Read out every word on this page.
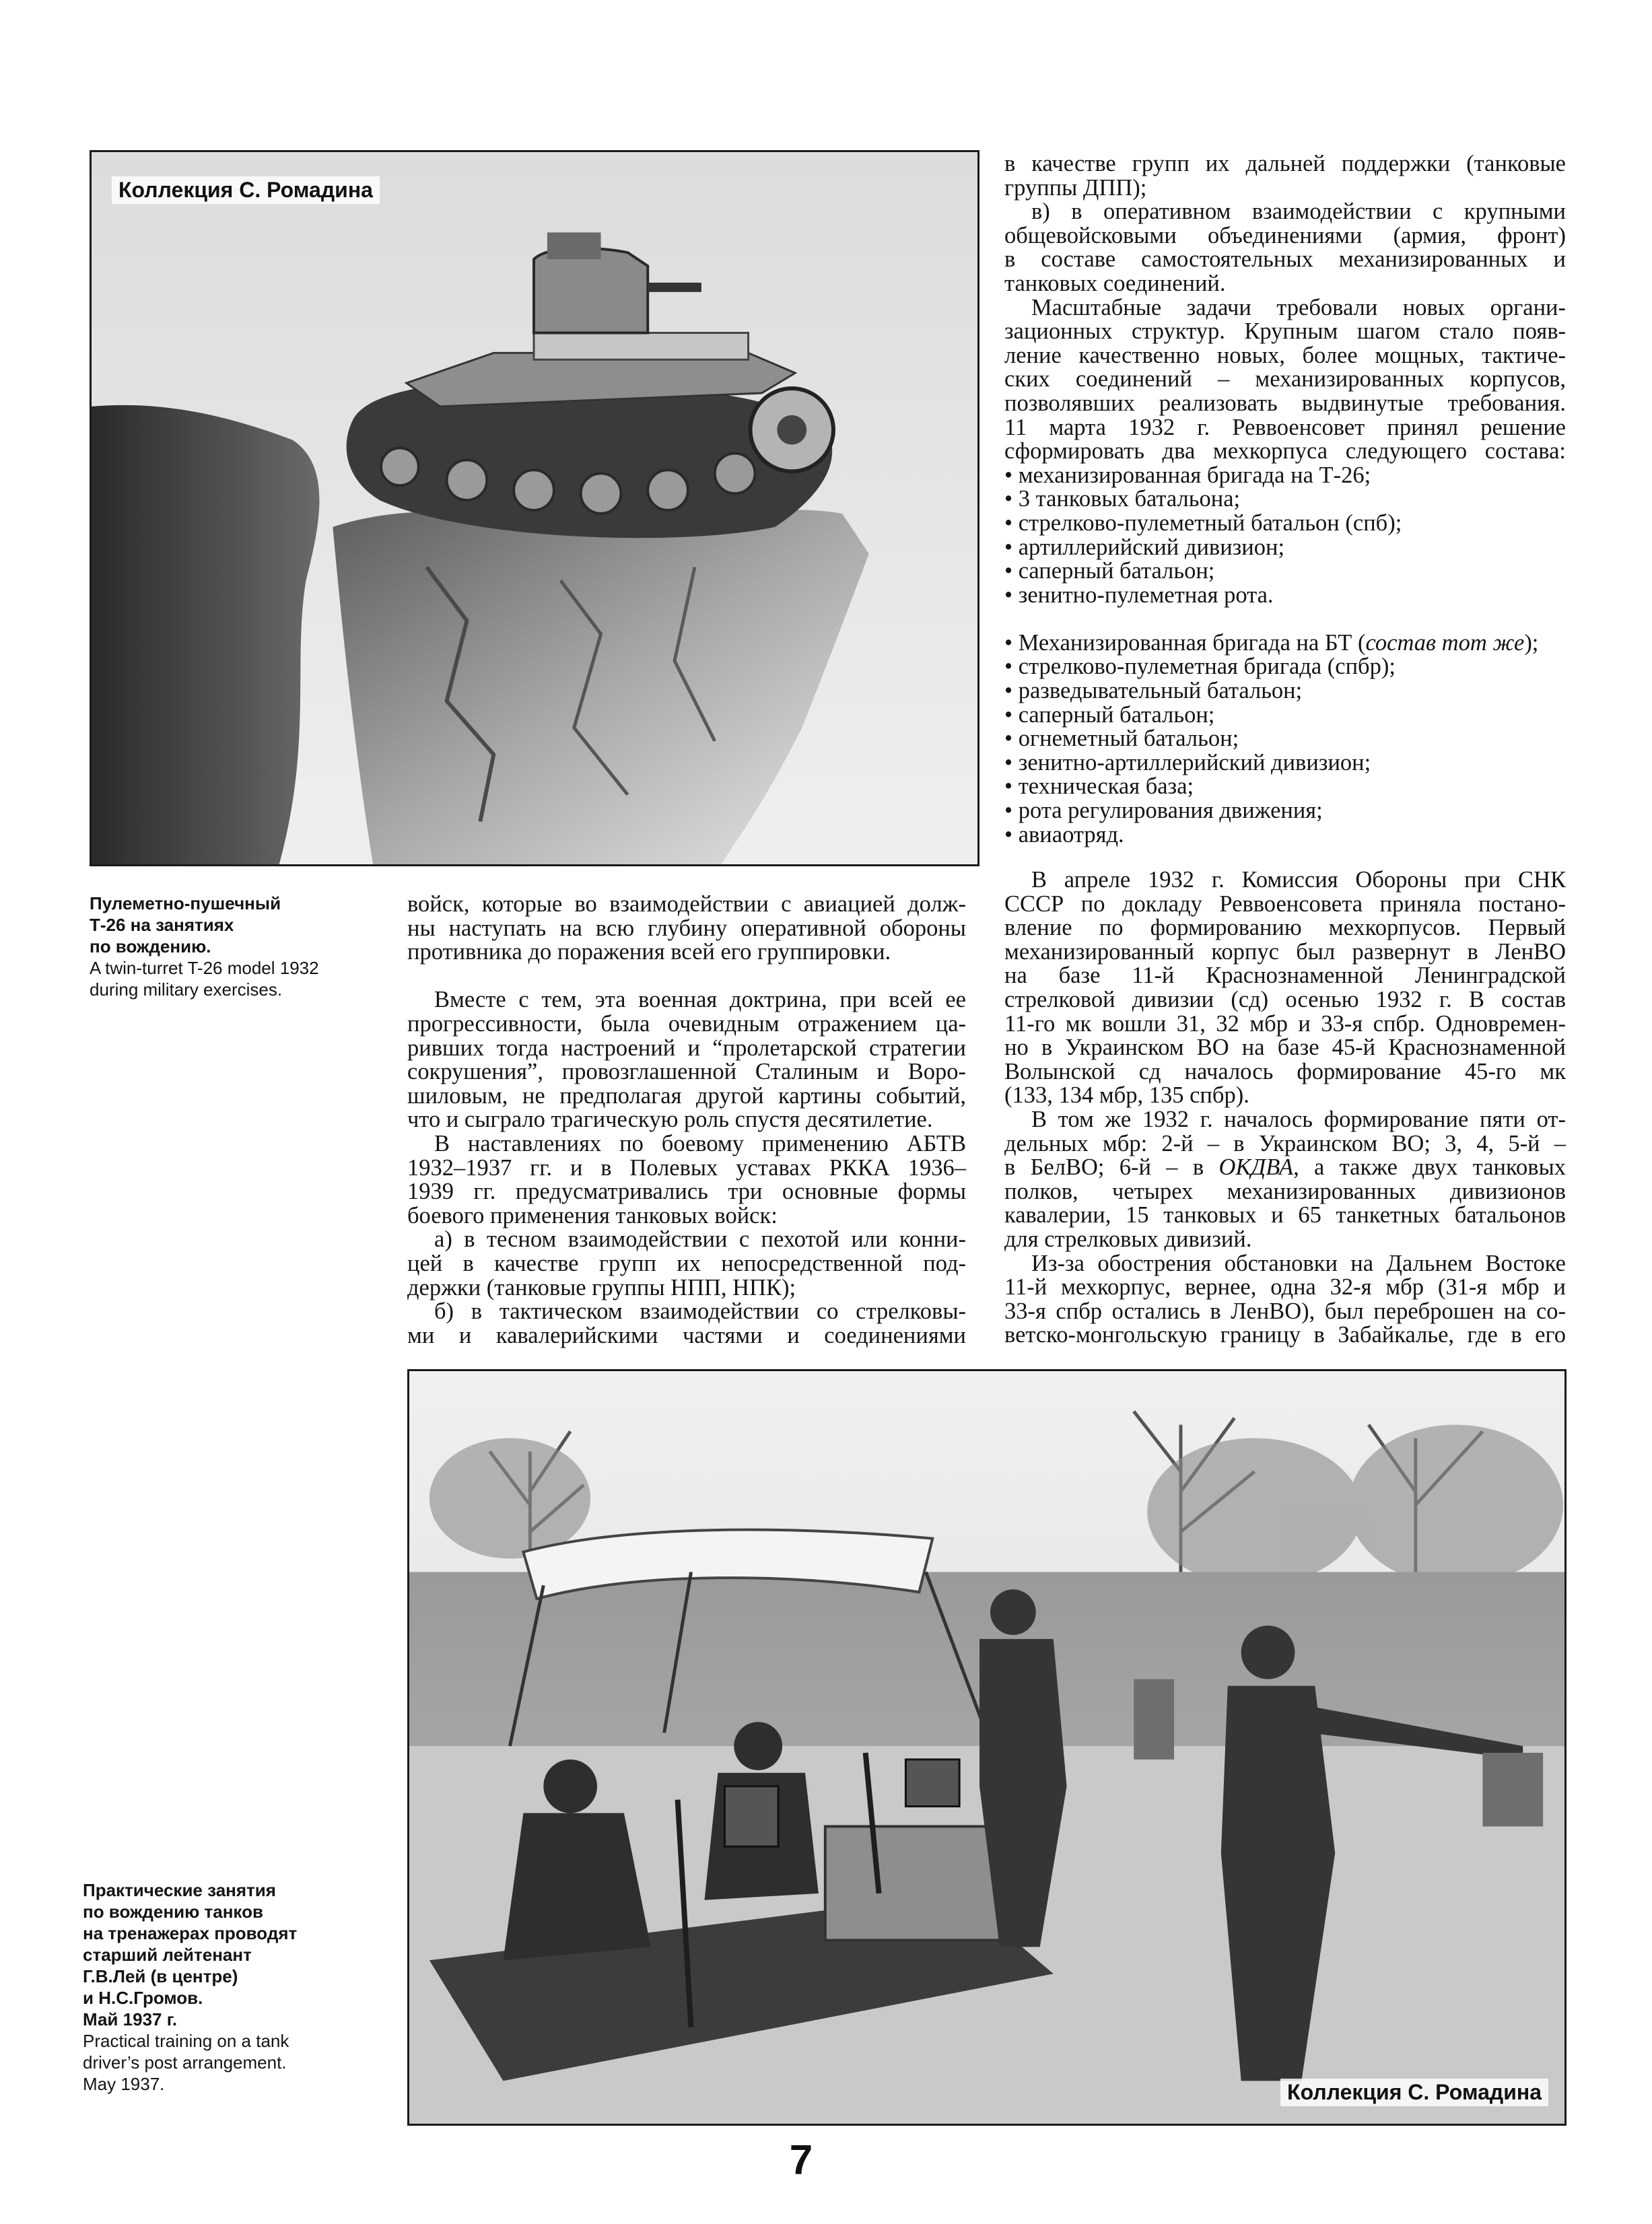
Коллекция С. Ромадина
Пулеметно-пушечный
Т-26 на занятиях
по вождению.
A twin-turret T-26 model 1932
during military exercises.
в качестве групп их дальней поддержки (танковые
группы ДПП);
в) в оперативном взаимодействии с крупными
общевойсковыми объединениями (армия, фронт)
в составе самостоятельных механизированных и
танковых соединений.
Масштабные задачи требовали новых органи-
зационных структур. Крупным шагом стало появ-
ление качественно новых, более мощных, тактиче-
ских соединений – механизированных корпусов,
позволявших реализовать выдвинутые требования.
11 марта 1932 г. Реввоенсовет принял решение
сформировать два мехкорпуса следующего состава:
• механизированная бригада на Т-26;
• 3 танковых батальона;
• стрелково-пулеметный батальон (спб);
• артиллерийский дивизион;
• саперный батальон;
• зенитно-пулеметная рота.
• Механизированная бригада на БТ (состав тот же);
• стрелково-пулеметная бригада (спбр);
• разведывательный батальон;
• саперный батальон;
• огнеметный батальон;
• зенитно-артиллерийский дивизион;
• техническая база;
• рота регулирования движения;
• авиаотряд.
войск, которые во взаимодействии с авиацией долж-
ны наступать на всю глубину оперативной обороны
противника до поражения всей его группировки.
Вместе с тем, эта военная доктрина, при всей ее
прогрессивности, была очевидным отражением ца-
ривших тогда настроений и “пролетарской стратегии
сокрушения”, провозглашенной Сталиным и Воро-
шиловым, не предполагая другой картины событий,
что и сыграло трагическую роль спустя десятилетие.
В наставлениях по боевому применению АБТВ
1932–1937 гг. и в Полевых уставах РККА 1936–
1939 гг. предусматривались три основные формы
боевого применения танковых войск:
а) в тесном взаимодействии с пехотой или конни-
цей в качестве групп их непосредственной под-
держки (танковые группы НПП, НПК);
б) в тактическом взаимодействии со стрелковы-
ми и кавалерийскими частями и соединениями
В апреле 1932 г. Комиссия Обороны при СНК
СССР по докладу Реввоенсовета приняла постано-
вление по формированию мехкорпусов. Первый
механизированный корпус был развернут в ЛенВО
на базе 11-й Краснознаменной Ленинградской
стрелковой дивизии (сд) осенью 1932 г. В состав
11-го мк вошли 31, 32 мбр и 33-я спбр. Одновремен-
но в Украинском ВО на базе 45-й Краснознаменной
Волынской сд началось формирование 45-го мк
(133, 134 мбр, 135 спбр).
В том же 1932 г. началось формирование пяти от-
дельных мбр: 2-й – в Украинском ВО; 3, 4, 5-й –
в БелВО; 6-й – в ОКДВА, а также двух танковых
полков, четырех механизированных дивизионов
кавалерии, 15 танковых и 65 танкетных батальонов
для стрелковых дивизий.
Из-за обострения обстановки на Дальнем Востоке
11-й мехкорпус, вернее, одна 32-я мбр (31-я мбр и
33-я спбр остались в ЛенВО), был переброшен на со-
ветско-монгольскую границу в Забайкалье, где в его
Коллекция С. Ромадина
Практические занятия
по вождению танков
на тренажерах проводят
старший лейтенант
Г.В.Лей (в центре)
и Н.С.Громов.
Май 1937 г.
Practical training on a tank
driver’s post arrangement.
May 1937.
7
